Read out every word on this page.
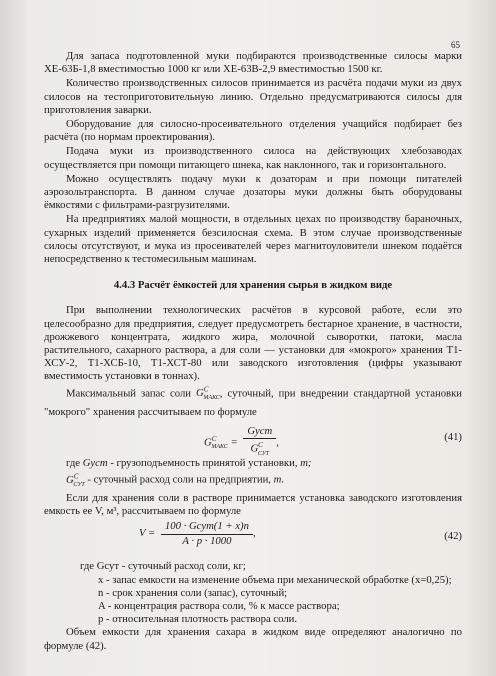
65

Для запаса подготовленной муки подбираются производственные силосы марки ХЕ-63Б-1,8 вместимостью 1000 кг или ХЕ-63В-2,9 вместимостью 1500 кг.

Количество производственных силосов принимается из расчёта подачи муки из двух силосов на тестоприготовительную линию. Отдельно предусматриваются силосы для приготовления заварки.

Оборудование для силосно-просеивательного отделения учащийся подбирает без расчёта (по нормам проектирования).

Подача муки из производственного силоса на действующих хлебозаводах осуществляется при помощи питающего шнека, как наклонного, так и горизонтального.

Можно осуществлять подачу муки к дозаторам и при помощи питателей аэрозольтранспорта. В данном случае дозаторы муки должны быть оборудованы ёмкостями с фильтрами-разгрузителями.

На предприятиях малой мощности, в отдельных цехах по производству бараночных, сухарных изделий применяется безсилосная схема. В этом случае производственные силосы отсутствуют, и мука из просеивателей через магнитоуловители шнеком подаётся непосредственно к тестомесильным машинам.

4.4.3 Расчёт ёмкостей для хранения сырья в жидком виде

При выполнении технологических расчётов в курсовой работе, если это целесообразно для предприятия, следует предусмотреть бестарное хранение, в частности, дрожжевого концентрата, жидкого жира, молочной сыворотки, патоки, масла растительного, сахарного раствора, а для соли — установки для «мокрого» хранения Т1-ХСУ-2, Т1-ХСБ-10, Т1-ХСТ-80 или заводского изготовления (цифры указывают вместимость установки в тоннах).

Максимальный запас соли $G^C_{МАКС}$, суточный, при внедрении стандартной установки "мокрого" хранения рассчитываем по формуле

$G^C_{МАКС} = \frac{\text{Gyст}}{G^C_{СУТ}}$ ,	(41)

где Gyст - грузоподъемность принятой установки, т;

$G^С_{СУТ}$ - суточный расход соли на предприятии, т.

Если для хранения соли в растворе принимается установка заводского изготовления емкость ее V, м³, рассчитываем по формуле

$V = \frac{\text{100 · Gсут(1 + х)n}}{A \cdot p \cdot 1000}$ ,	(42)

где Gсут - суточный расход соли, кг;

x - запас емкости на изменение объема при механической обработке (x=0,25);

n - срок хранения соли (запас), суточный;

A - концентрация раствора соли, % к массе раствора;

p - относительная плотность раствора соли.

Объем емкости для хранения сахара в жидком виде определяют аналогично по формуле (42).
